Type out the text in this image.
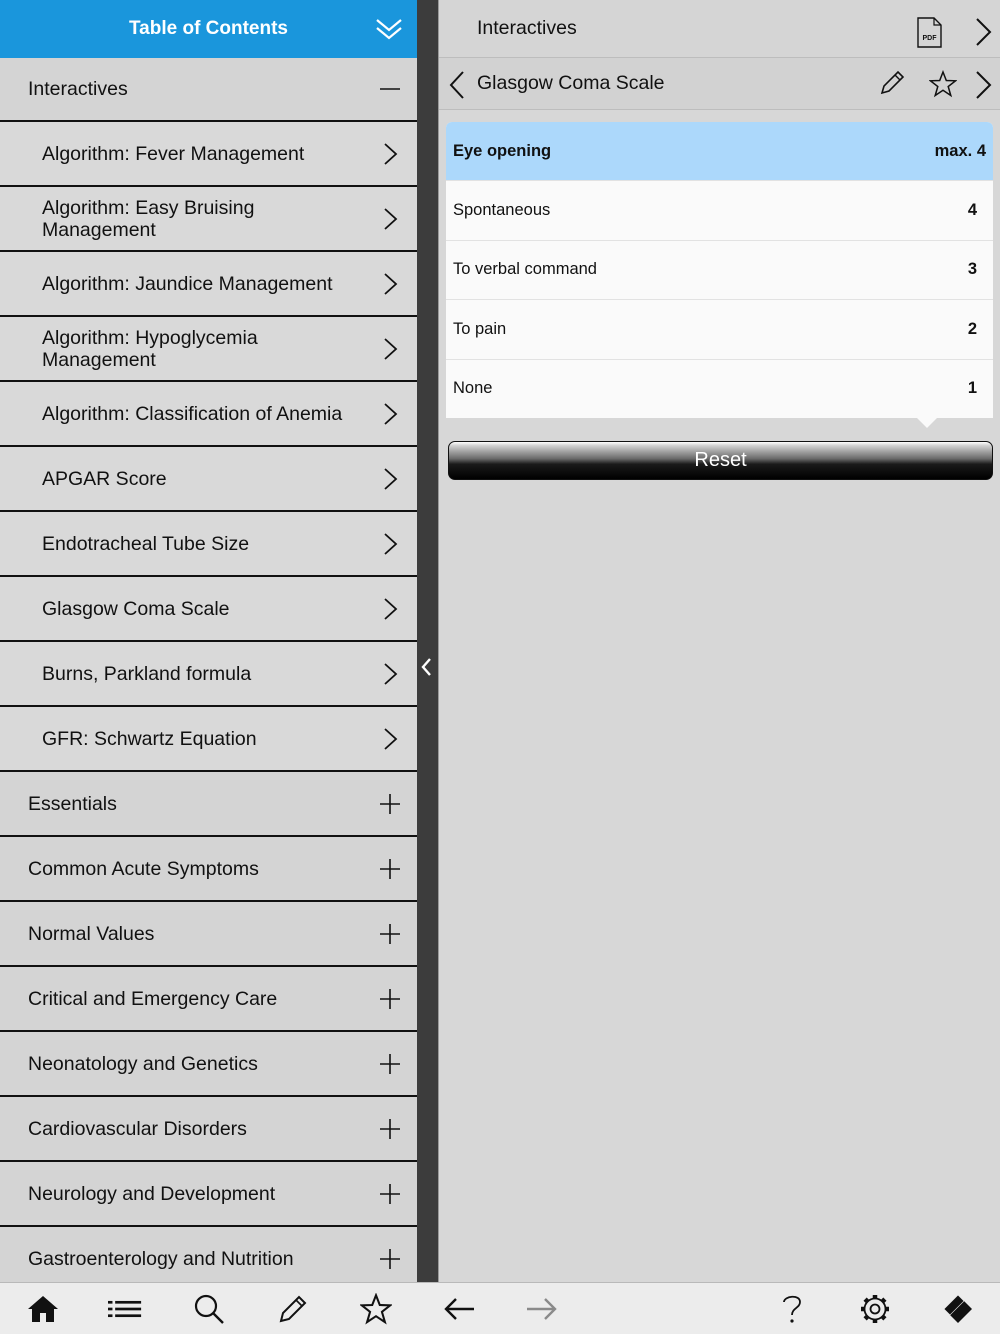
Table of Contents
Interactives
Algorithm: Fever Management
Algorithm: Easy Bruising Management
Algorithm: Jaundice Management
Algorithm: Hypoglycemia Management
Algorithm: Classification of Anemia
APGAR Score
Endotracheal Tube Size
Glasgow Coma Scale
Burns, Parkland formula
GFR: Schwartz Equation
Essentials
Common Acute Symptoms
Normal Values
Critical and Emergency Care
Neonatology and Genetics
Cardiovascular Disorders
Neurology and Development
Gastroenterology and Nutrition
Interactives	PDF
Glasgow Coma Scale
Eye opening	max. 4
Spontaneous	4
To verbal command	3
To pain	2
None	1
Reset
